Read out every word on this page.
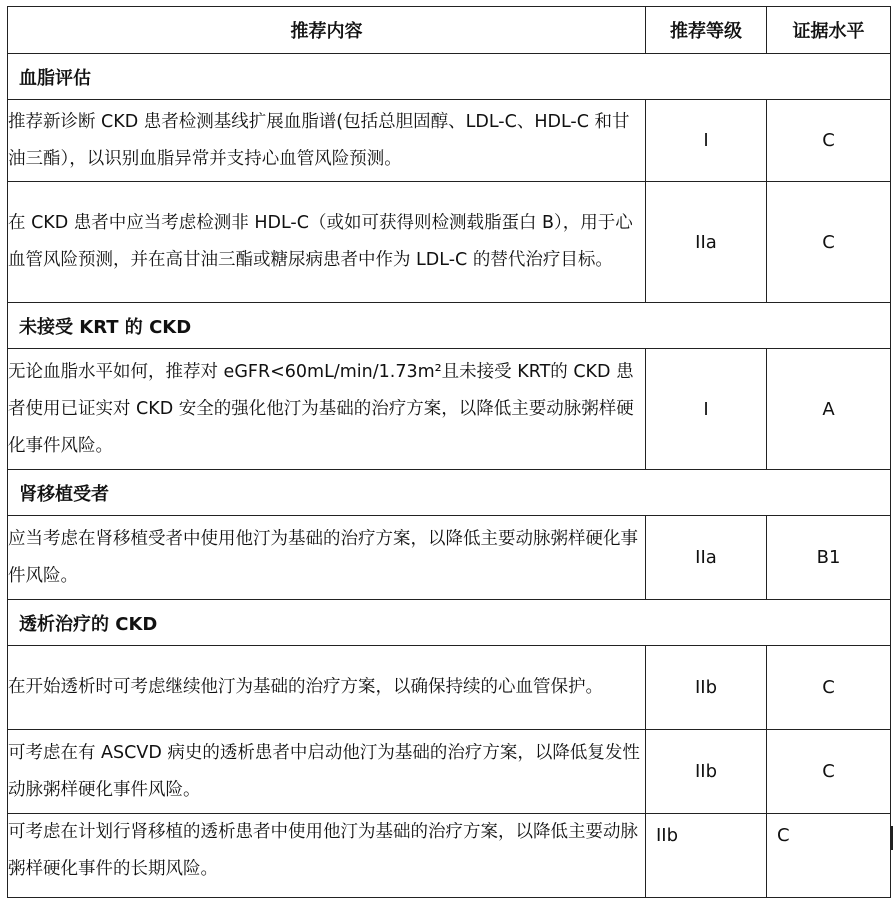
推荐内容	推荐等级	证据水平
血脂评估		
推荐新诊断 CKD 患者检测基线扩展血脂谱(包括总胆固醇、LDL-C、HDL-C 和甘油三酯），以识别血脂异常并支持心血管风险预测。	I	C
在 CKD 患者中应当考虑检测非 HDL-C（或如可获得则检测载脂蛋白 B），用于心血管风险预测，并在高甘油三酯或糖尿病患者中作为 LDL-C 的替代治疗目标。	IIa	C
未接受 KRT 的 CKD		
无论血脂水平如何，推荐对 eGFR<60mL/min/1.73m²且未接受 KRT的 CKD 患者使用已证实对 CKD 安全的强化他汀为基础的治疗方案，以降低主要动脉粥样硬化事件风险。	I	A
肾移植受者		
应当考虑在肾移植受者中使用他汀为基础的治疗方案，以降低主要动脉粥样硬化事件风险。	IIa	B1
透析治疗的 CKD		
在开始透析时可考虑继续他汀为基础的治疗方案，以确保持续的心血管保护。	IIb	C
可考虑在有 ASCVD 病史的透析患者中启动他汀为基础的治疗方案，以降低复发性动脉粥样硬化事件风险。	IIb	C
可考虑在计划行肾移植的透析患者中使用他汀为基础的治疗方案，以降低主要动脉粥样硬化事件的长期风险。	IIb	C
